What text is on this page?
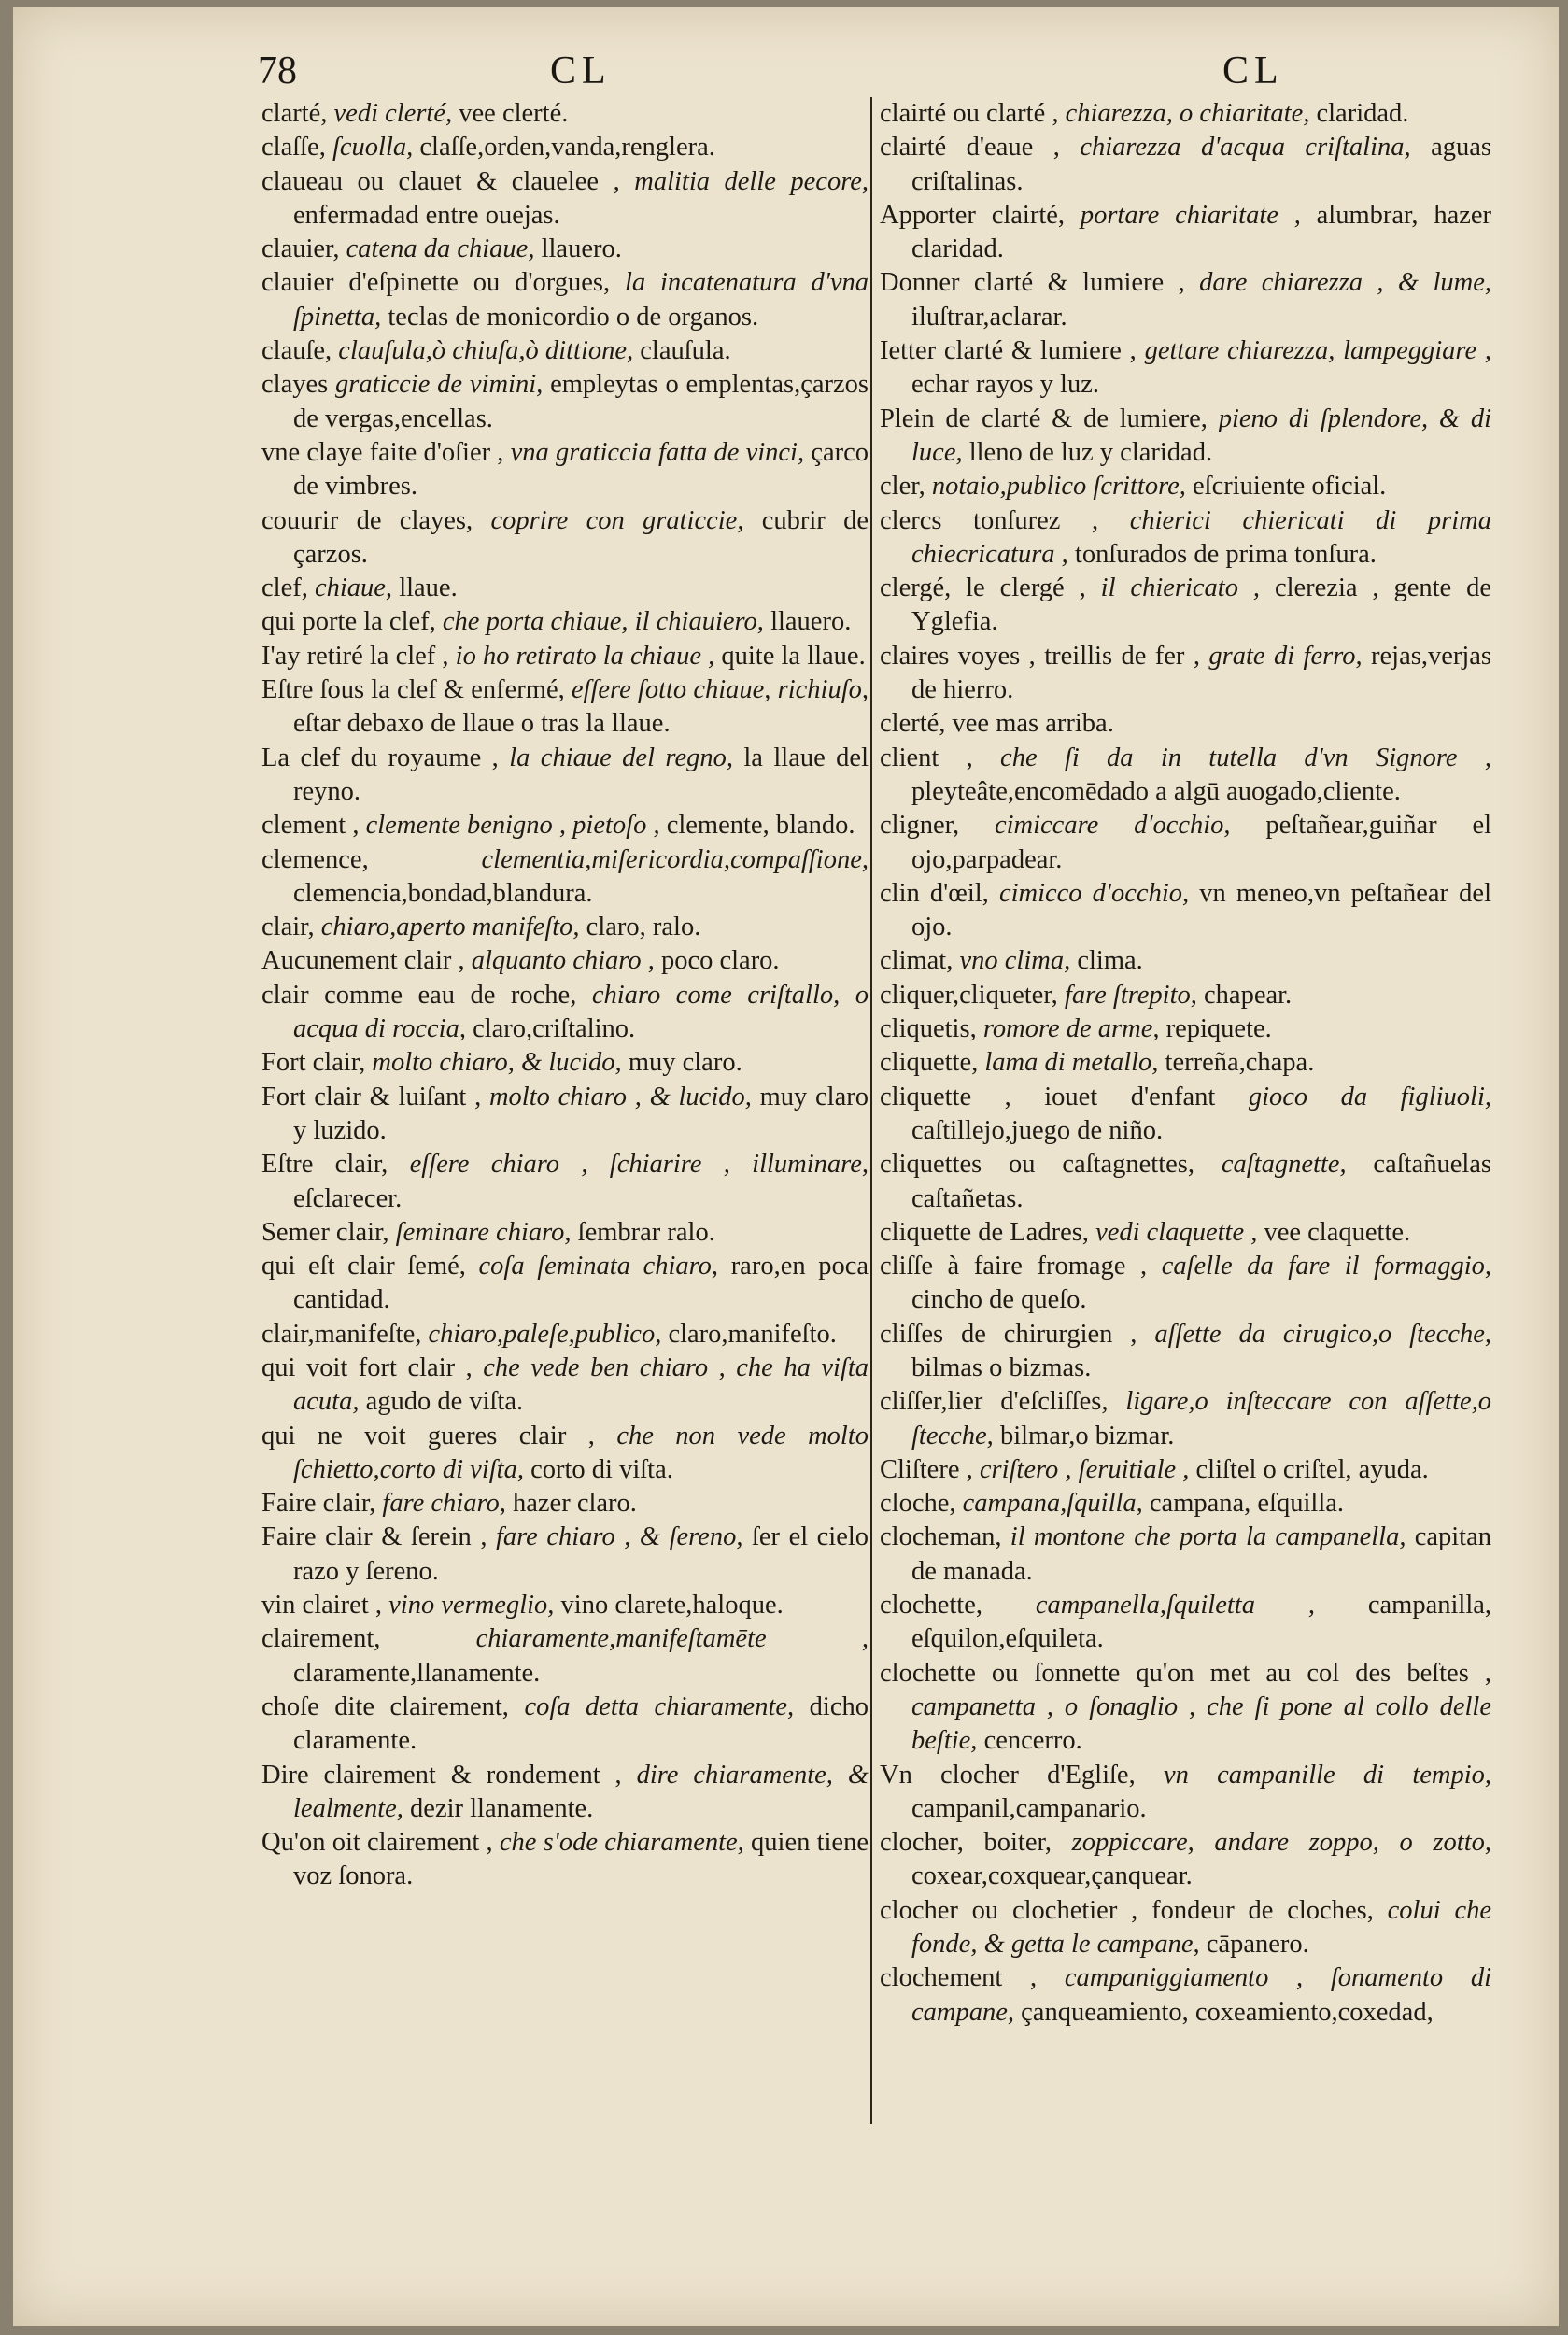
78	CL	CL

clarté, vedi clerté, vee clerté.

claſſe, ſcuolla, claſſe,orden,vanda,renglera.

claueau ou clauet & clauelee , malitia delle pecore, enfermadad entre ouejas.

clauier, catena da chiaue, llauero.

clauier d'eſpinette ou d'orgues, la incatenatura d'vna ſpinetta, teclas de monicordio o de organos.

clauſe, clauſula,ò chiuſa,ò dittione, clauſula.

clayes graticcie de vimini, empleytas o emplentas,çarzos de vergas,encellas.

vne claye faite d'oſier , vna graticcia fatta de vinci, çarco de vimbres.

couurir de clayes, coprire con graticcie, cubrir de çarzos.

clef, chiaue, llaue.

qui porte la clef, che porta chiaue, il chiauiero, llauero.

I'ay retiré la clef , io ho retirato la chiaue , quite la llaue.

Eſtre ſous la clef & enfermé, eſſere ſotto chiaue, richiuſo, eſtar debaxo de llaue o tras la llaue.

La clef du royaume , la chiaue del regno, la llaue del reyno.

clement , clemente benigno , pietoſo , clemente, blando.

clemence,	clementia,miſericordia,compaſſione, clemencia,bondad,blandura.

clair, chiaro,aperto manifeſto, claro, ralo.

Aucunement clair , alquanto chiaro , poco claro.

clair comme eau de roche, chiaro come criſtallo, o acqua di roccia, claro,criſtalino.

Fort clair, molto chiaro, & lucido, muy claro.

Fort clair & luiſant , molto chiaro , & lucido, muy claro y luzido.

Eſtre clair, eſſere chiaro , ſchiarire , illuminare, eſclarecer.

Semer clair, ſeminare chiaro, ſembrar ralo.

qui eſt clair ſemé, coſa ſeminata chiaro, raro,en poca cantidad.

clair,manifeſte, chiaro,paleſe,publico, claro,manifeſto.

qui voit fort clair , che vede ben chiaro , che ha viſta acuta, agudo de viſta.

qui ne voit gueres clair , che non vede molto ſchietto,corto di viſta, corto di viſta.

Faire clair, fare chiaro, hazer claro.

Faire clair & ſerein , fare chiaro , & ſereno, ſer el cielo razo y ſereno.

vin clairet , vino vermeglio, vino clarete,haloque.

clairement,	chiaramente,manifeſtamēte , claramente,llanamente.

choſe dite clairement, coſa detta chiaramente, dicho claramente.

Dire clairement & rondement , dire chiaramente, & lealmente, dezir llanamente.

Qu'on oit clairement , che s'ode chiaramente, quien tiene voz ſonora.

clairté ou clarté , chiarezza, o chiaritate, claridad.

clairté d'eaue , chiarezza d'acqua criſtalina, aguas criſtalinas.

Apporter clairté, portare chiaritate , alumbrar, hazer claridad.

Donner clarté & lumiere , dare chiarezza , & lume, iluſtrar,aclarar.

Ietter clarté & lumiere , gettare chiarezza, lampeggiare , echar rayos y luz.

Plein de clarté & de lumiere, pieno di ſplendore, & di luce, lleno de luz y claridad.

cler, notaio,publico ſcrittore, eſcriuiente oficial.

clercs tonſurez , chierici chiericati di prima chiecricatura , tonſurados de prima tonſura.

clergé, le clergé , il chiericato , clerezia , gente de Yglefia.

claires voyes , treillis de fer , grate di ferro, rejas,verjas de hierro.

clerté, vee mas arriba.

client , che ſi da in tutella d'vn Signore , pleyteâte,encomēdado a algū auogado,cliente.

cligner, cimiccare d'occhio, peſtañear,guiñar el ojo,parpadear.

clin d'œil, cimicco d'occhio, vn meneo,vn peſtañear del ojo.

climat, vno clima, clima.

cliquer,cliqueter, fare ſtrepito, chapear.

cliquetis, romore de arme, repiquete.

cliquette, lama di metallo, terreña,chapa.

cliquette , iouet d'enfant gioco da figliuoli, caſtillejo,juego de niño.

cliquettes ou caſtagnettes, caſtagnette, caſtañuelas caſtañetas.

cliquette de Ladres, vedi claquette , vee claquette.

cliſſe à faire fromage , caſelle da fare il formaggio, cincho de queſo.

cliſſes de chirurgien , aſſette da cirugico,o ſtecche, bilmas o bizmas.

cliſſer,lier d'eſcliſſes, ligare,o inſteccare con aſſette,o ſtecche, bilmar,o bizmar.

Cliſtere , criſtero , ſeruitiale , cliſtel o criſtel, ayuda.

cloche, campana,ſquilla, campana, eſquilla.

clocheman, il montone che porta la campanella, capitan de manada.

clochette, campanella,ſquiletta , campanilla, eſquilon,eſquileta.

clochette ou ſonnette qu'on met au col des beſtes , campanetta , o ſonaglio , che ſi pone al collo delle beſtie, cencerro.

Vn clocher d'Egliſe, vn campanille di tempio, campanil,campanario.

clocher, boiter, zoppiccare, andare zoppo, o zotto, coxear,coxquear,çanquear.

clocher ou clochetier , fondeur de cloches, colui che fonde, & getta le campane, cāpanero.

clochement , campaniggiamento , ſonamento di campane, çanqueamiento, coxeamiento,coxedad,
